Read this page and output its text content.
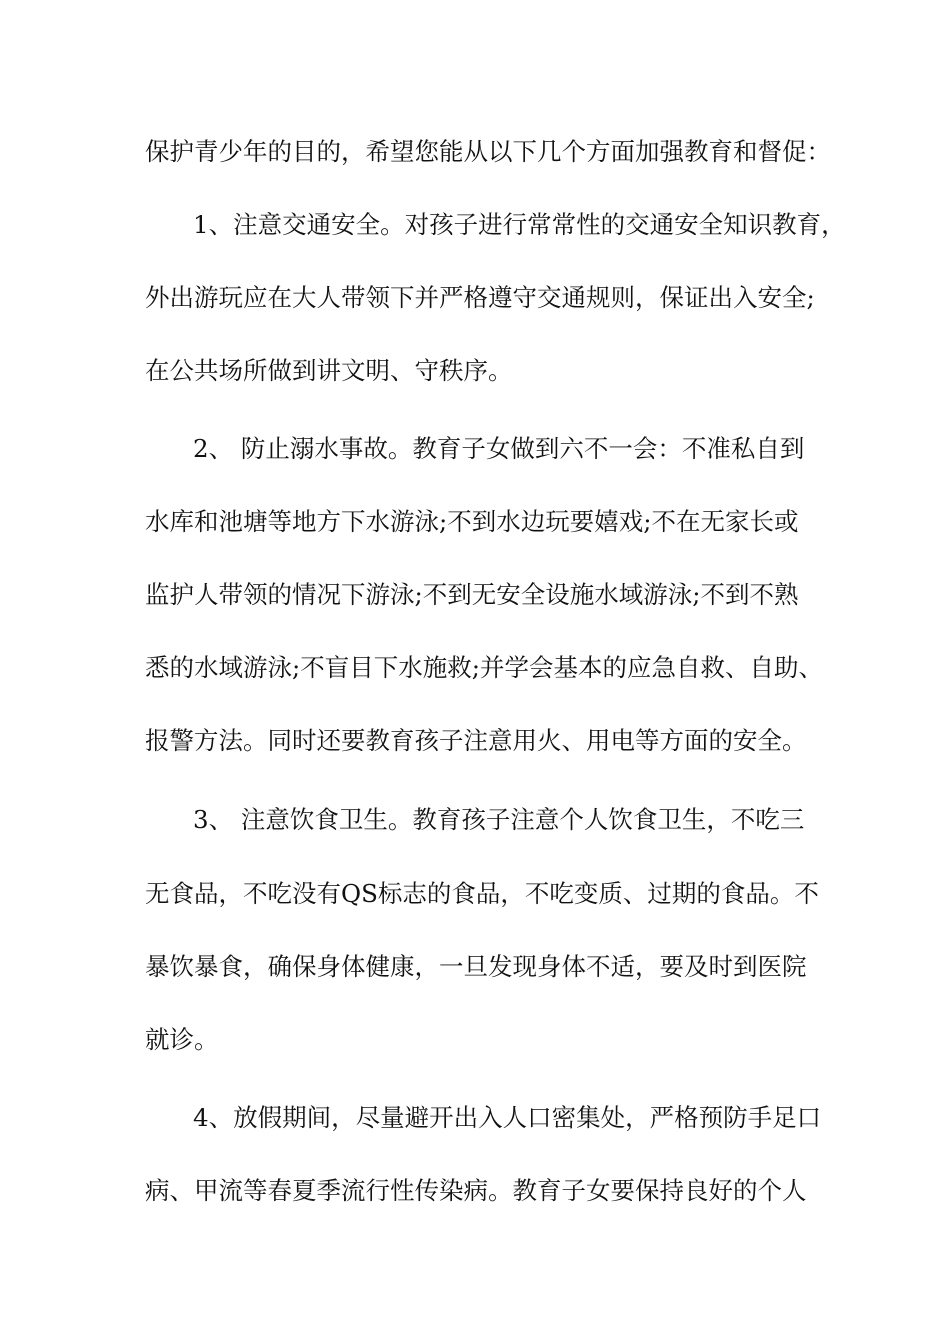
保护青少年的目的，希望您能从以下几个方面加强教育和督促：
1、注意交通安全。对孩子进行常常性的交通安全知识教育，
外出游玩应在大人带领下并严格遵守交通规则，保证出入安全;
在公共场所做到讲文明、守秩序。
2、 防止溺水事故。教育子女做到六不一会：不准私自到
水库和池塘等地方下水游泳;不到水边玩要嬉戏;不在无家长或
监护人带领的情况下游泳;不到无安全设施水域游泳;不到不熟
悉的水域游泳;不盲目下水施救;并学会基本的应急自救、自助、
报警方法。同时还要教育孩子注意用火、用电等方面的安全。
3、 注意饮食卫生。教育孩子注意个人饮食卫生，不吃三
无食品，不吃没有QS标志的食品，不吃变质、过期的食品。不
暴饮暴食，确保身体健康，一旦发现身体不适，要及时到医院
就诊。
4、放假期间，尽量避开出入人口密集处，严格预防手足口
病、甲流等春夏季流行性传染病。教育子女要保持良好的个人
